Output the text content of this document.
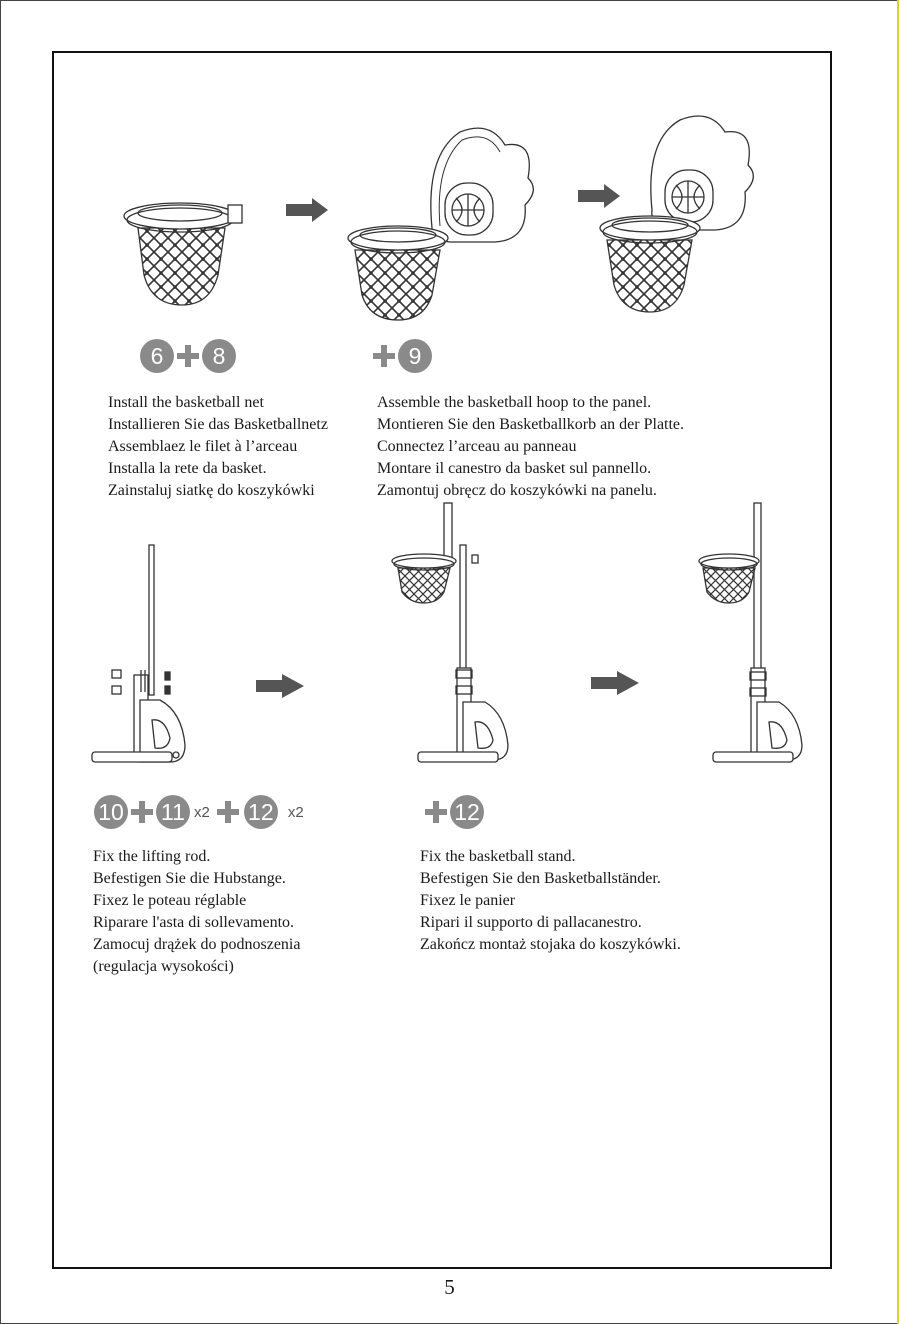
6	8	9
Install the basketball net
Installieren Sie das Basketballnetz
Assemblaez le filet à l’arceau
Installa la rete da basket.
Zainstaluj siatkę do koszykówki
Assemble the basketball hoop to the panel.
Montieren Sie den Basketballkorb an der Platte.
Connectez l’arceau au panneau
Montare il canestro da basket sul pannello.
Zamontuj obręcz do koszykówki na panelu.
10 11 x2 12 x2	12
Fix the lifting rod.
Befestigen Sie die Hubstange.
Fixez le poteau réglable
Riparare l'asta di sollevamento.
Zamocuj drążek do podnoszenia
(regulacja wysokości)
Fix the basketball stand.
Befestigen Sie den Basketballständer.
Fixez le panier
Ripari il supporto di pallacanestro.
Zakończ montaż stojaka do koszykówki.
5
